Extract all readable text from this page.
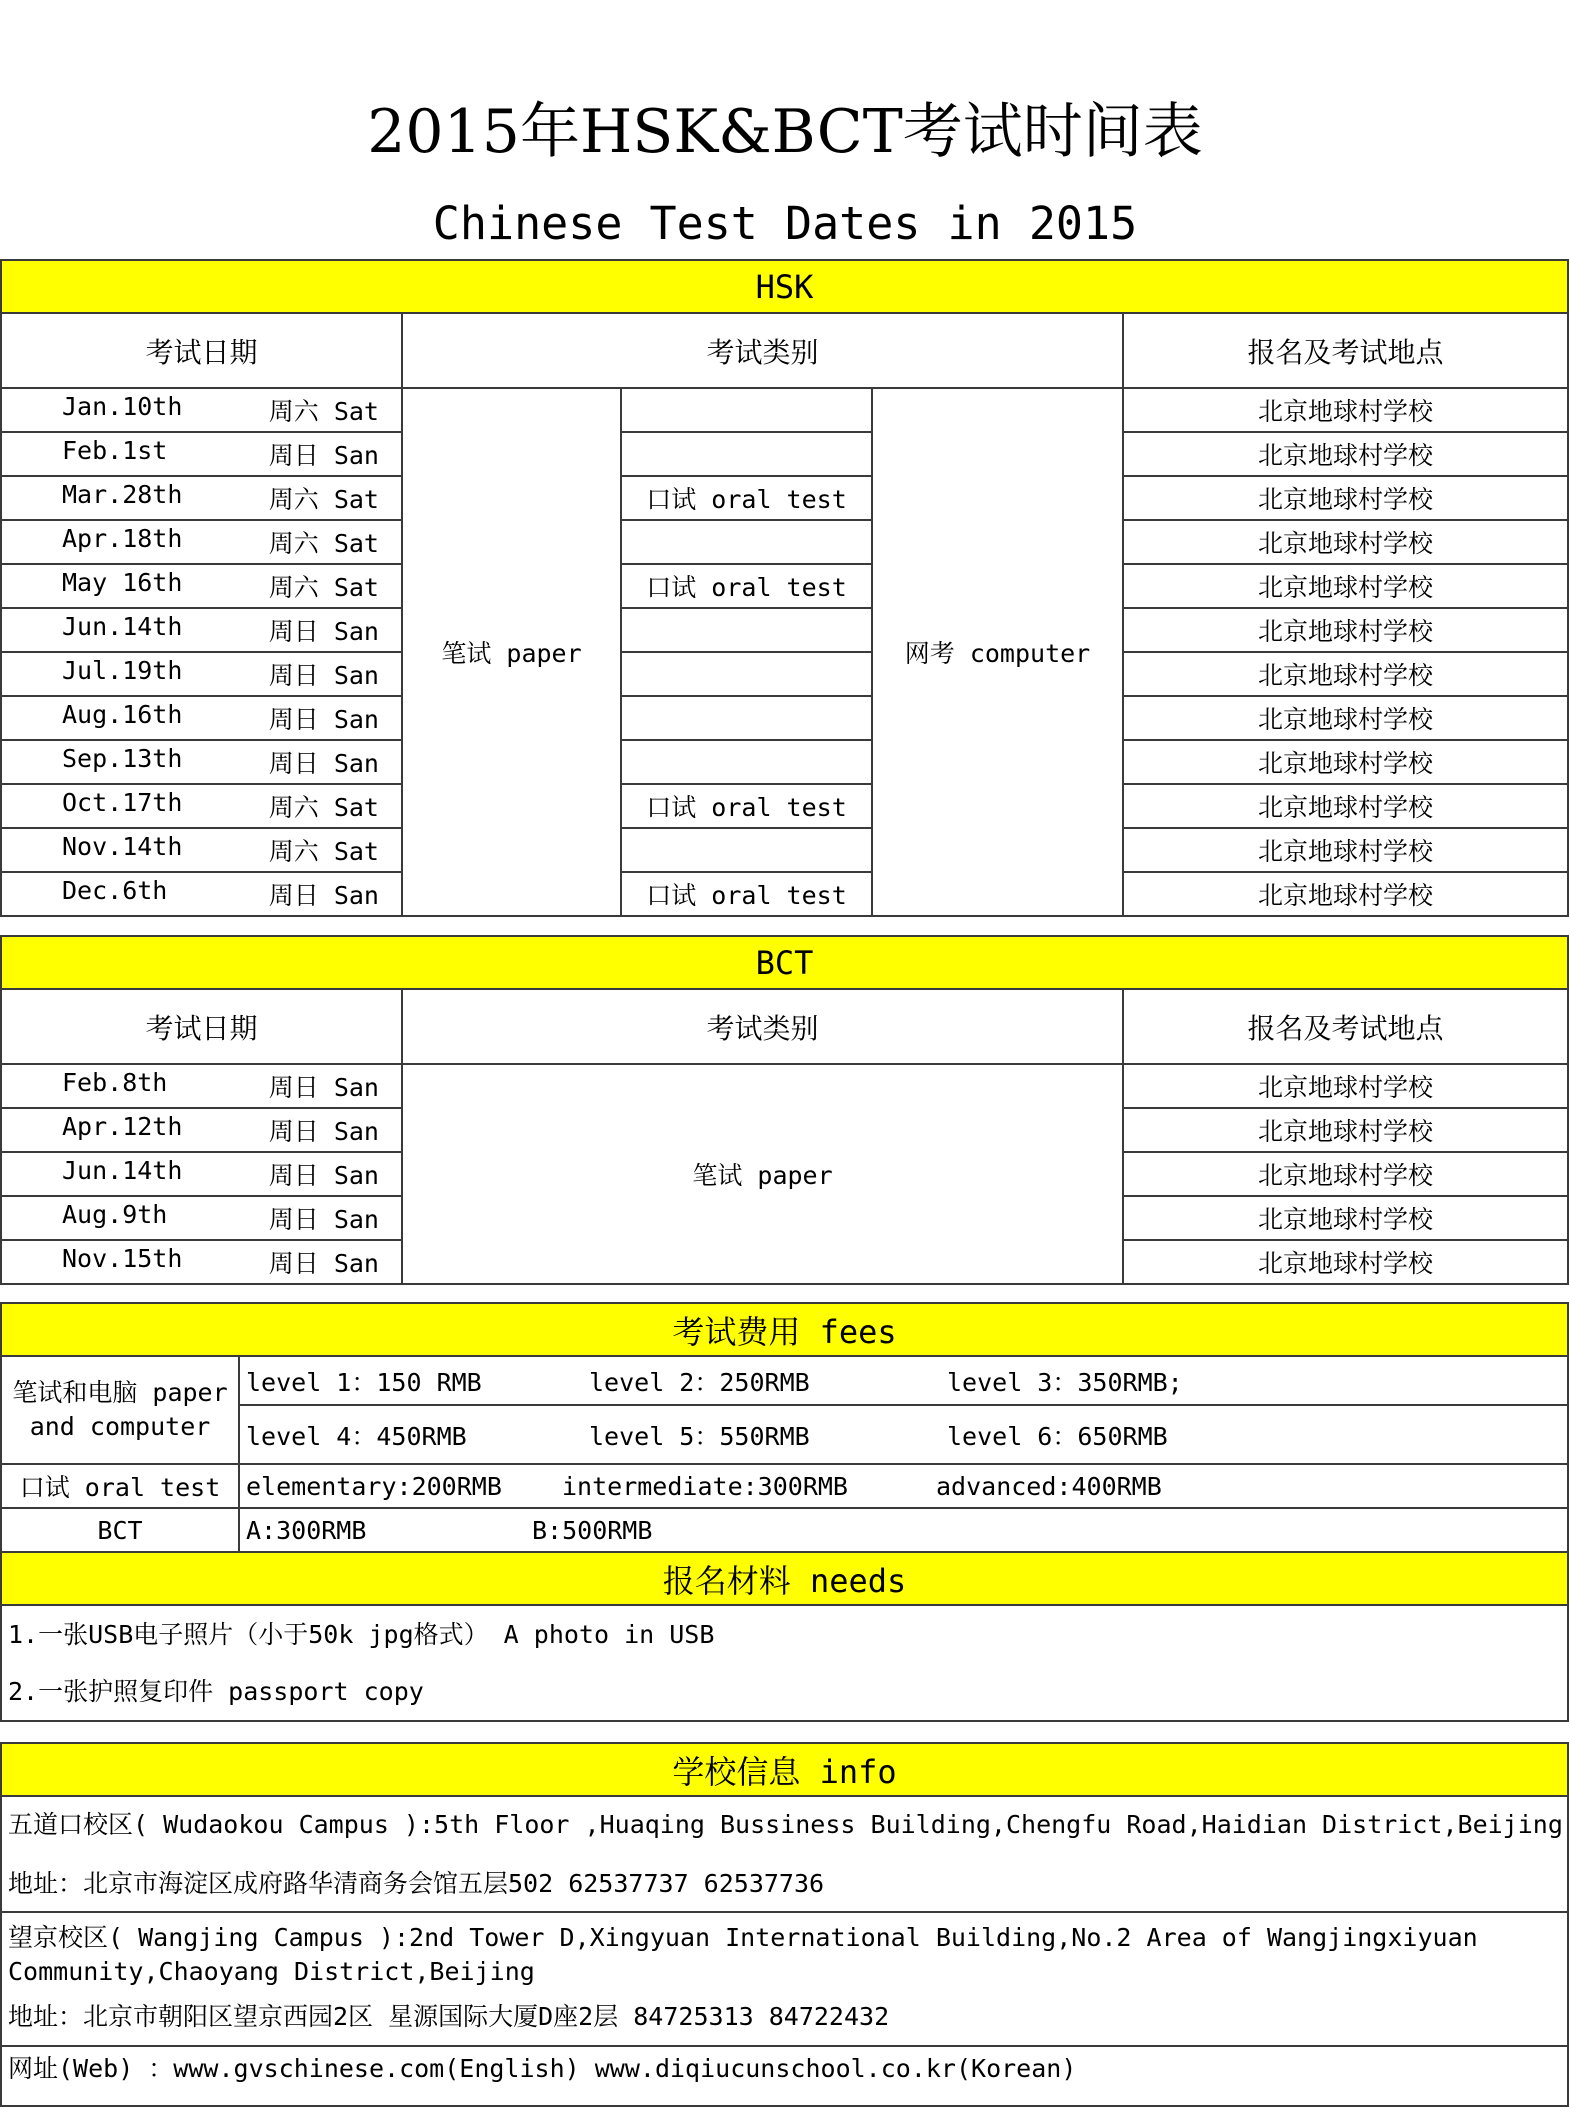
2015年HSK&BCT考试时间表
Chinese Test Dates in 2015
HSK				
考试日期	考试类别			报名及考试地点

Jan.10th 周六 Sat	笔试 paper		网考 computer	北京地球村学校

Feb.1st 周日 San				北京地球村学校

Mar.28th 周六 Sat		口试 oral test		北京地球村学校

Apr.18th 周六 Sat				北京地球村学校

May 16th 周六 Sat		口试 oral test		北京地球村学校

Jun.14th 周日 San				北京地球村学校

Jul.19th 周日 San				北京地球村学校

Aug.16th 周日 San				北京地球村学校

Sep.13th 周日 San				北京地球村学校

Oct.17th 周六 Sat		口试 oral test		北京地球村学校

Nov.14th 周六 Sat				北京地球村学校

Dec.6th 周日 San		口试 oral test		北京地球村学校
BCT		
考试日期	考试类别	报名及考试地点

Feb.8th 周日 San	笔试 paper	北京地球村学校

Apr.12th 周日 San		北京地球村学校

Jun.14th 周日 San		北京地球村学校

Aug.9th 周日 San		北京地球村学校

Nov.15th 周日 San		北京地球村学校
考试费用 fees	
笔试和电脑 paper and computer	level 1：150 RMB level 2：250RMB level 3：350RMB;
	level 4：450RMB level 5：550RMB level 6：650RMB
口试 oral test	elementary:200RMB intermediate:300RMB advanced:400RMB
BCT	A:300RMB B:500RMB
报名材料 needs	

1.一张USB电子照片（小于50k jpg格式） A photo in USB
2.一张护照复印件 passport copy	
学校信息 info

五道口校区( Wudaokou Campus ):5th Floor ,Huaqing Bussiness Building,Chengfu Road,Haidian District,Beijing
地址：北京市海淀区成府路华清商务会馆五层502 62537737 62537736

望京校区( Wangjing Campus ):2nd Tower D,Xingyuan International Building,No.2 Area of Wangjingxiyuan Community,Chaoyang District,Beijing
地址：北京市朝阳区望京西园2区 星源国际大厦D座2层 84725313 84722432

网址(Web) ：www.gvschinese.com(English) www.diqiucunschool.co.kr(Korean)
